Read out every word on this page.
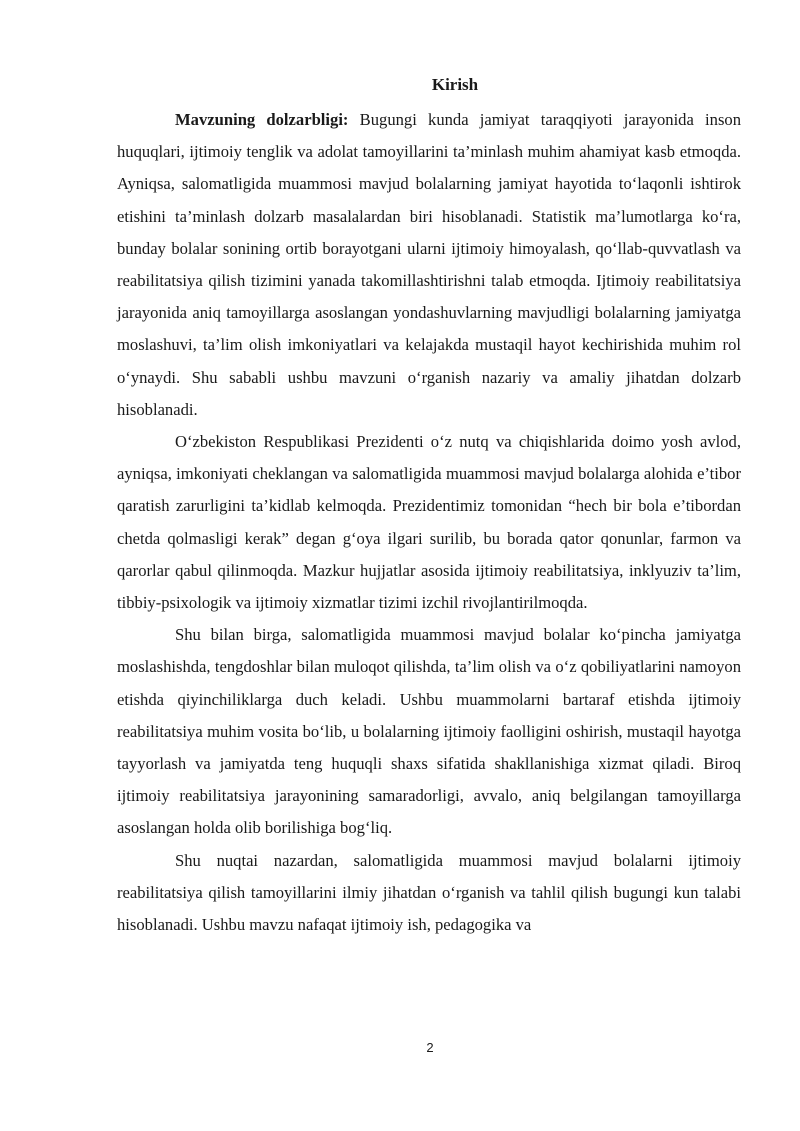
Kirish

Mavzuning dolzarbligi: Bugungi kunda jamiyat taraqqiyoti jarayonida inson huquqlari, ijtimoiy tenglik va adolat tamoyillarini ta’minlash muhim ahamiyat kasb etmoqda. Ayniqsa, salomatligida muammosi mavjud bolalarning jamiyat hayotida to‘laqonli ishtirok etishini ta’minlash dolzarb masalalardan biri hisoblanadi. Statistik ma’lumotlarga ko‘ra, bunday bolalar sonining ortib borayotgani ularni ijtimoiy himoyalash, qo‘llab-quvvatlash va reabilitatsiya qilish tizimini yanada takomillashtirishni talab etmoqda. Ijtimoiy reabilitatsiya jarayonida aniq tamoyillarga asoslangan yondashuvlarning mavjudligi bolalarning jamiyatga moslashuvi, ta’lim olish imkoniyatlari va kelajakda mustaqil hayot kechirishida muhim rol o‘ynaydi. Shu sababli ushbu mavzuni o‘rganish nazariy va amaliy jihatdan dolzarb hisoblanadi.

O‘zbekiston Respublikasi Prezidenti o‘z nutq va chiqishlarida doimo yosh avlod, ayniqsa, imkoniyati cheklangan va salomatligida muammosi mavjud bolalarga alohida e’tibor qaratish zarurligini ta’kidlab kelmoqda. Prezidentimiz tomonidan “hech bir bola e’tibordan chetda qolmasligi kerak” degan g‘oya ilgari surilib, bu borada qator qonunlar, farmon va qarorlar qabul qilinmoqda. Mazkur hujjatlar asosida ijtimoiy reabilitatsiya, inklyuziv ta’lim, tibbiy-psixologik va ijtimoiy xizmatlar tizimi izchil rivojlantirilmoqda.

Shu bilan birga, salomatligida muammosi mavjud bolalar ko‘pincha jamiyatga moslashishda, tengdoshlar bilan muloqot qilishda, ta’lim olish va o‘z qobiliyatlarini namoyon etishda qiyinchiliklarga duch keladi. Ushbu muammolarni bartaraf etishda ijtimoiy reabilitatsiya muhim vosita bo‘lib, u bolalarning ijtimoiy faolligini oshirish, mustaqil hayotga tayyorlash va jamiyatda teng huquqli shaxs sifatida shakllanishiga xizmat qiladi. Biroq ijtimoiy reabilitatsiya jarayonining samaradorligi, avvalo, aniq belgilangan tamoyillarga asoslangan holda olib borilishiga bog‘liq.

Shu nuqtai nazardan, salomatligida muammosi mavjud bolalarni ijtimoiy reabilitatsiya qilish tamoyillarini ilmiy jihatdan o‘rganish va tahlil qilish bugungi kun talabi hisoblanadi. Ushbu mavzu nafaqat ijtimoiy ish, pedagogika va

2
